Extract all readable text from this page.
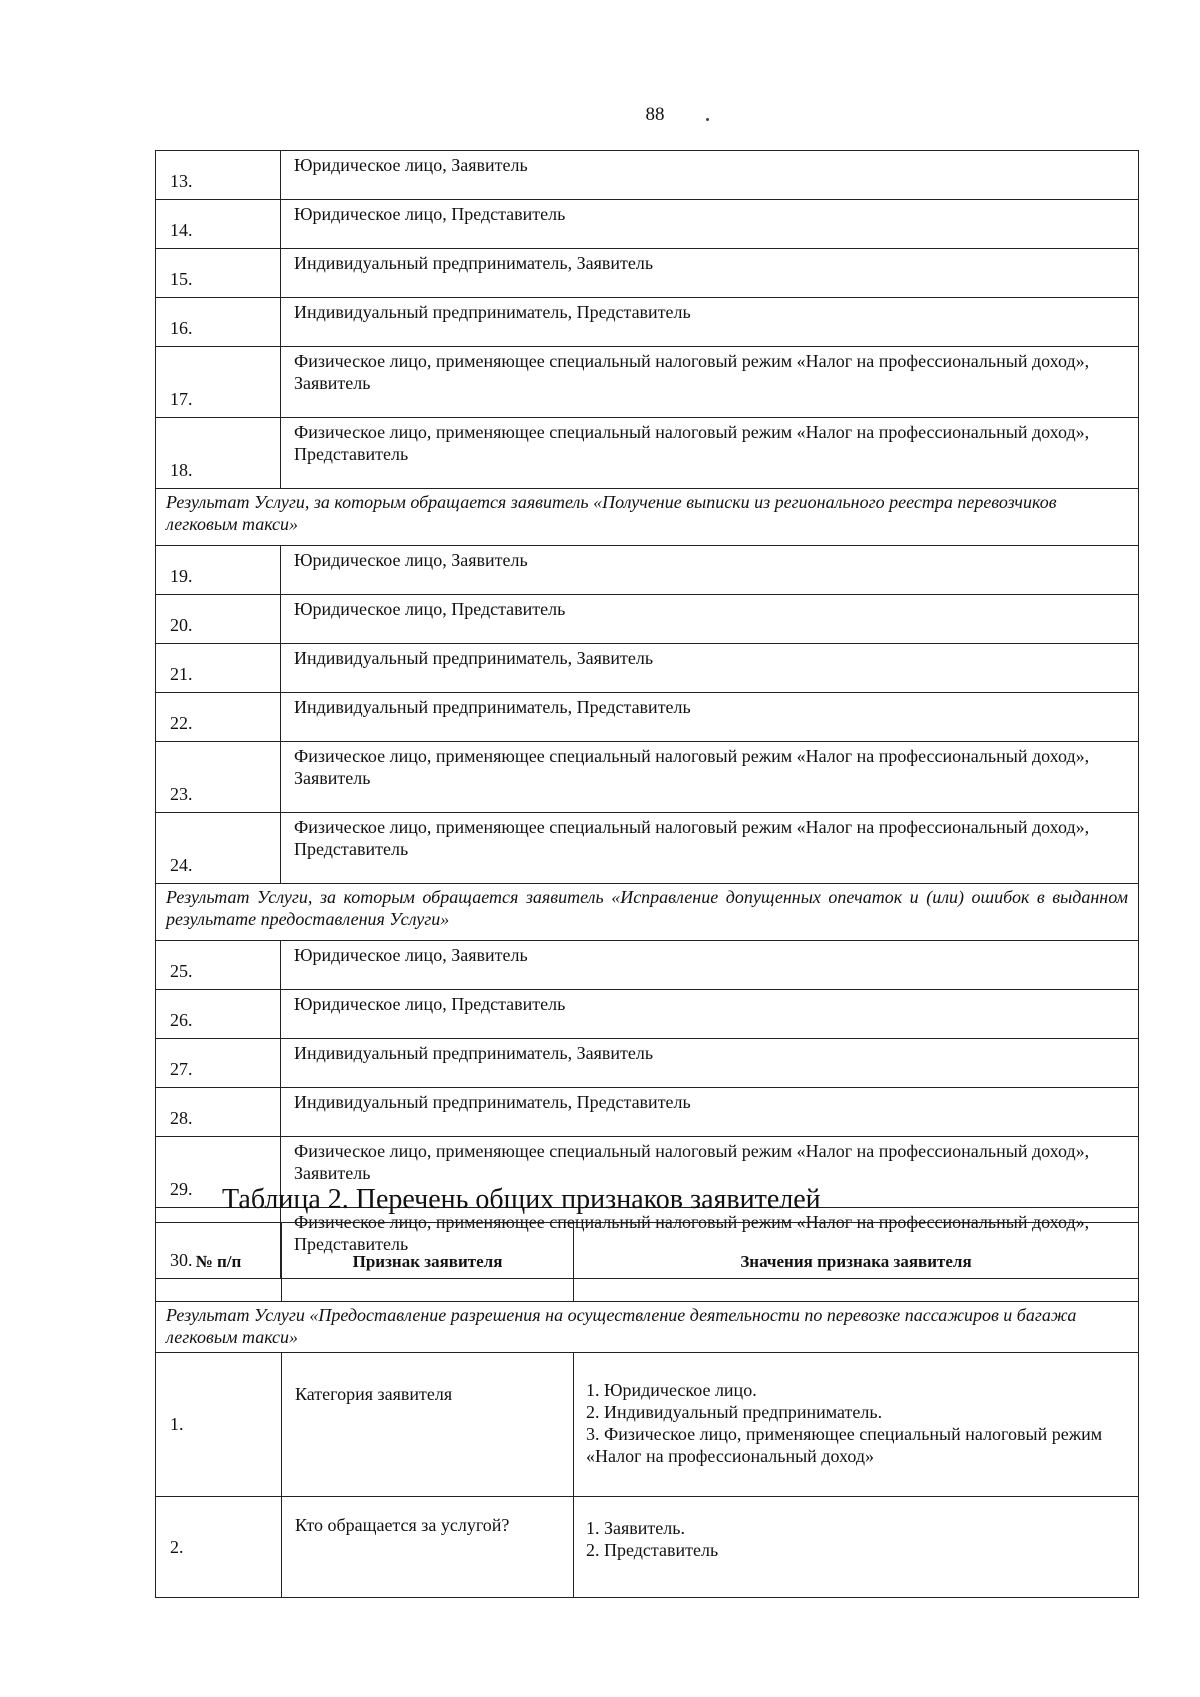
88
13.	Юридическое лицо, Заявитель
14.	Юридическое лицо, Представитель
15.	Индивидуальный предприниматель, Заявитель
16.	Индивидуальный предприниматель, Представитель
17.	Физическое лицо, применяющее специальный налоговый режим «Налог на профессиональный доход», Заявитель
18.	Физическое лицо, применяющее специальный налоговый режим «Налог на профессиональный доход», Представитель
Результат Услуги, за которым обращается заявитель «Получение выписки из регионального реестра перевозчиков легковым такси»	
19.	Юридическое лицо, Заявитель
20.	Юридическое лицо, Представитель
21.	Индивидуальный предприниматель, Заявитель
22.	Индивидуальный предприниматель, Представитель
23.	Физическое лицо, применяющее специальный налоговый режим «Налог на профессиональный доход», Заявитель
24.	Физическое лицо, применяющее специальный налоговый режим «Налог на профессиональный доход», Представитель
Результат Услуги, за которым обращается заявитель «Исправление допущенных опечаток и (или) ошибок в выданном результате предоставления Услуги»	
25.	Юридическое лицо, Заявитель
26.	Юридическое лицо, Представитель
27.	Индивидуальный предприниматель, Заявитель
28.	Индивидуальный предприниматель, Представитель
29.	Физическое лицо, применяющее специальный налоговый режим «Налог на профессиональный доход», Заявитель
30.	Физическое лицо, применяющее специальный налоговый режим «Налог на профессиональный доход», Представитель
Таблица 2. Перечень общих признаков заявителей
№ п/п	Признак заявителя	Значения признака заявителя
Результат Услуги «Предоставление разрешения на осуществление деятельности по перевозке пассажиров и багажа легковым такси»		
1.	Категория заявителя	1. Юридическое лицо.
2. Индивидуальный предприниматель.
3. Физическое лицо, применяющее специальный налоговый режим «Налог на профессиональный доход»

2.	Кто обращается за услугой?	1. Заявитель.
2. Представитель
